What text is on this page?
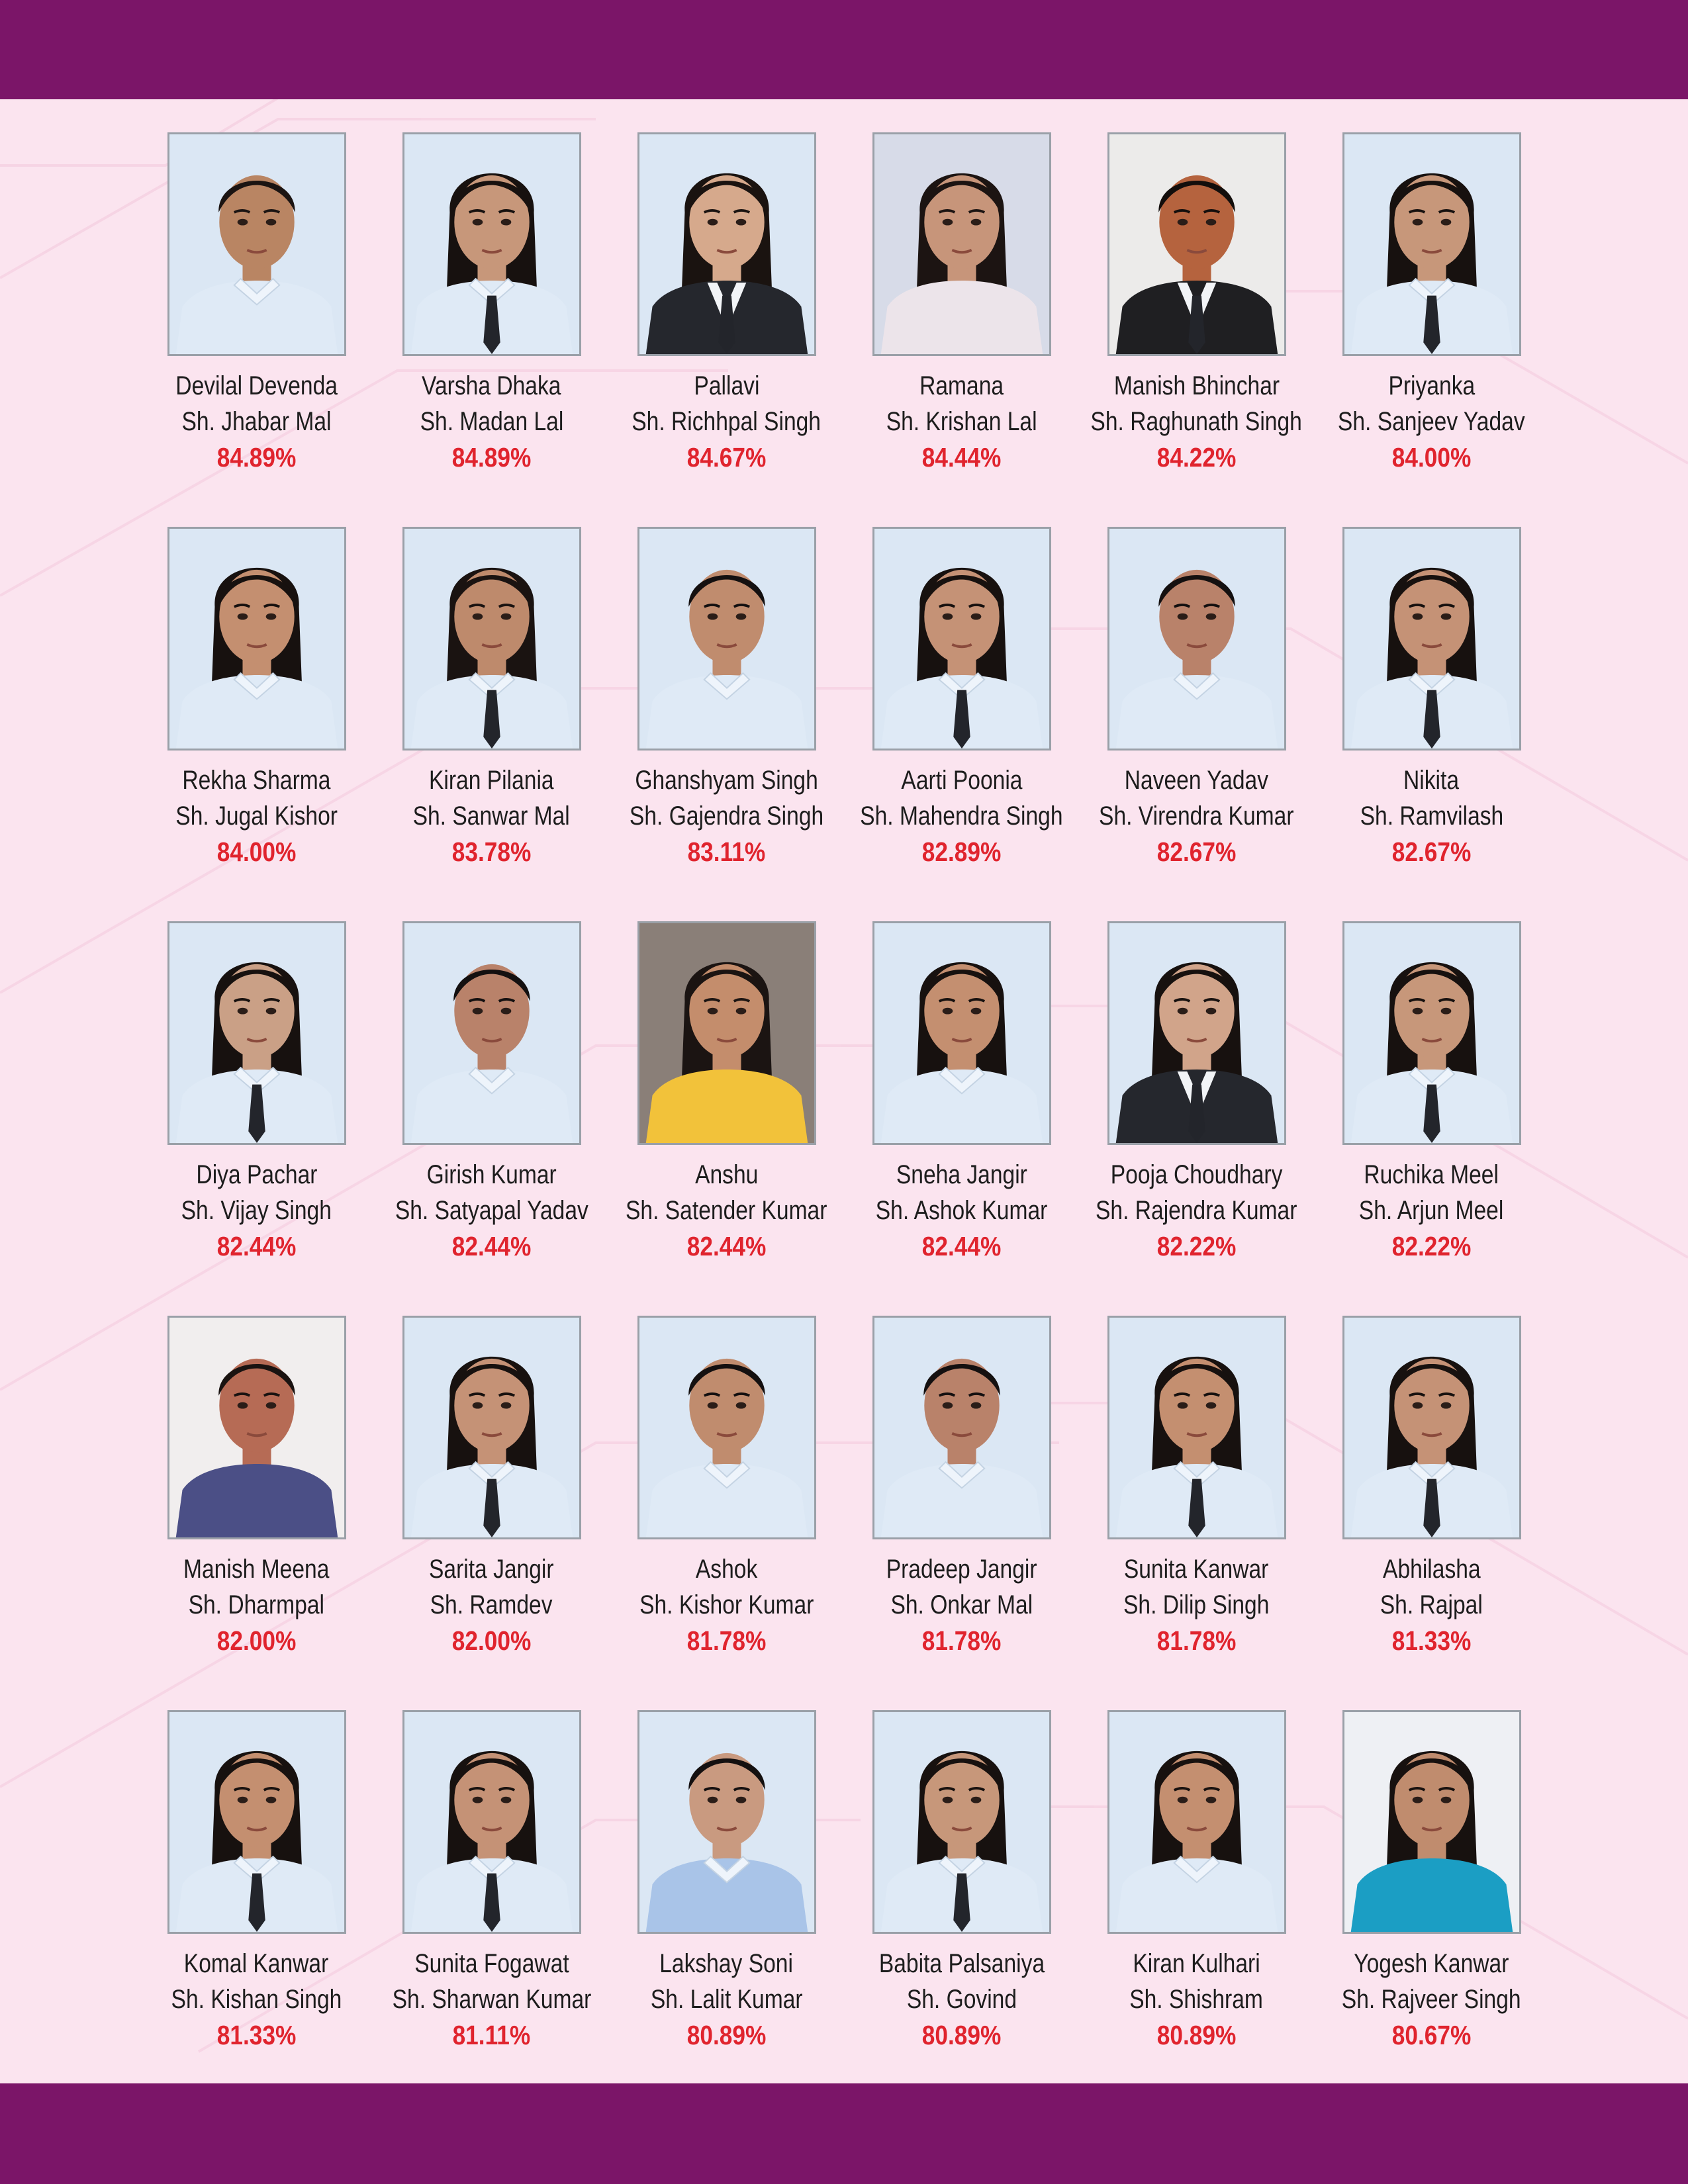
Devilal Devenda
Sh. Jhabar Mal
84.89%
Varsha Dhaka
Sh. Madan Lal
84.89%
Pallavi
Sh. Richhpal Singh
84.67%
Ramana
Sh. Krishan Lal
84.44%
Manish Bhinchar
Sh. Raghunath Singh
84.22%
Priyanka
Sh. Sanjeev Yadav
84.00%
Rekha Sharma
Sh. Jugal Kishor
84.00%
Kiran Pilania
Sh. Sanwar Mal
83.78%
Ghanshyam Singh
Sh. Gajendra Singh
83.11%
Aarti Poonia
Sh. Mahendra Singh
82.89%
Naveen Yadav
Sh. Virendra Kumar
82.67%
Nikita
Sh. Ramvilash
82.67%
Diya Pachar
Sh. Vijay Singh
82.44%
Girish Kumar
Sh. Satyapal Yadav
82.44%
Anshu
Sh. Satender Kumar
82.44%
Sneha Jangir
Sh. Ashok Kumar
82.44%
Pooja Choudhary
Sh. Rajendra Kumar
82.22%
Ruchika Meel
Sh. Arjun Meel
82.22%
Manish Meena
Sh. Dharmpal
82.00%
Sarita Jangir
Sh. Ramdev
82.00%
Ashok
Sh. Kishor Kumar
81.78%
Pradeep Jangir
Sh. Onkar Mal
81.78%
Sunita Kanwar
Sh. Dilip Singh
81.78%
Abhilasha
Sh. Rajpal
81.33%
Komal Kanwar
Sh. Kishan Singh
81.33%
Sunita Fogawat
Sh. Sharwan Kumar
81.11%
Lakshay Soni
Sh. Lalit Kumar
80.89%
Babita Palsaniya
Sh. Govind
80.89%
Kiran Kulhari
Sh. Shishram
80.89%
Yogesh Kanwar
Sh. Rajveer Singh
80.67%
